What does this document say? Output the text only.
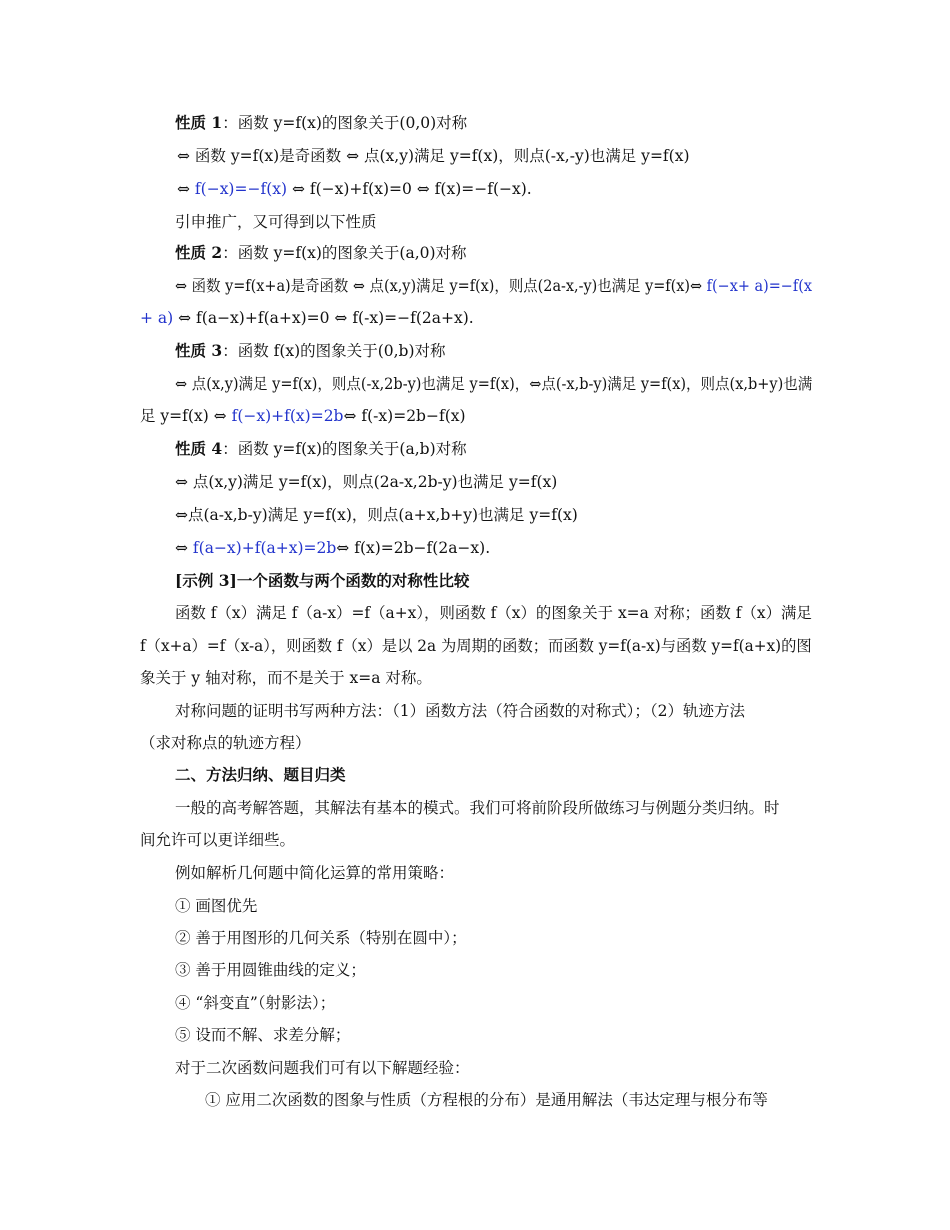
性质 1：函数 y=f(x)的图象关于(0,0)对称
⇔ 函数 y=f(x)是奇函数 ⇔ 点(x,y)满足 y=f(x)，则点(-x,-y)也满足 y=f(x)
⇔ f(−x)=−f(x) ⇔ f(−x)+f(x)=0 ⇔ f(x)=−f(−x).
引申推广，又可得到以下性质
性质 2：函数 y=f(x)的图象关于(a,0)对称
⇔ 函数 y=f(x+a)是奇函数 ⇔ 点(x,y)满足 y=f(x)，则点(2a-x,-y)也满足 y=f(x)⇔ f(−x+ a)=−f(x
+ a) ⇔ f(a−x)+f(a+x)=0 ⇔ f(-x)=−f(2a+x).
性质 3：函数 f(x)的图象关于(0,b)对称
⇔ 点(x,y)满足 y=f(x)，则点(-x,2b-y)也满足 y=f(x)，⇔点(-x,b-y)满足 y=f(x)，则点(x,b+y)也满
足 y=f(x) ⇔ f(−x)+f(x)=2b⇔ f(-x)=2b−f(x)
性质 4：函数 y=f(x)的图象关于(a,b)对称
⇔ 点(x,y)满足 y=f(x)，则点(2a-x,2b-y)也满足 y=f(x)
⇔点(a-x,b-y)满足 y=f(x)，则点(a+x,b+y)也满足 y=f(x)
⇔ f(a−x)+f(a+x)=2b⇔ f(x)=2b−f(2a−x).
[示例 3]一个函数与两个函数的对称性比较
函数 f（x）满足 f（a-x）=f（a+x），则函数 f（x）的图象关于 x=a 对称；函数 f（x）满足
f（x+a）=f（x-a），则函数 f（x）是以 2a 为周期的函数；而函数 y=f(a-x)与函数 y=f(a+x)的图
象关于 y 轴对称，而不是关于 x=a 对称。
对称问题的证明书写两种方法：（1）函数方法（符合函数的对称式）；（2）轨迹方法
（求对称点的轨迹方程）
二、方法归纳、题目归类
一般的高考解答题，其解法有基本的模式。我们可将前阶段所做练习与例题分类归纳。时
间允许可以更详细些。
例如解析几何题中简化运算的常用策略：
① 画图优先
② 善于用图形的几何关系（特别在圆中）；
③ 善于用圆锥曲线的定义；
④ “斜变直”（射影法）；
⑤ 设而不解、求差分解；
对于二次函数问题我们可有以下解题经验：
① 应用二次函数的图象与性质（方程根的分布）是通用解法（韦达定理与根分布等
